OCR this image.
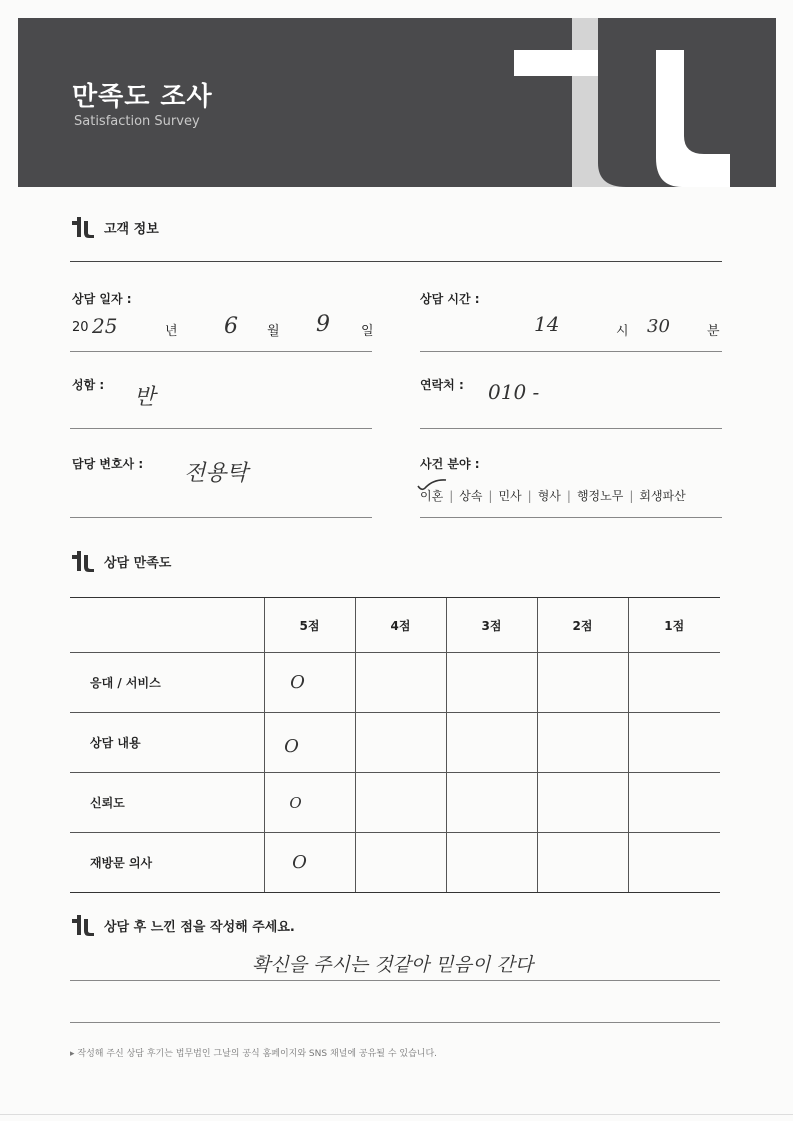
만족도 조사
Satisfaction Survey
고객 정보
상담 일자 :
20 25	년 6 월 9 일
상담 시간 :
14	시 30	분
성함 : 반	연락처 : 010 -
담당 변호사 : 전용탁	사건 분야 :
이혼 | 상속 | 민사 | 형사 | 행정노무 | 회생파산
상담 만족도
	5점	4점	3점	2점	1점
응대 / 서비스	O				
상담 내용	O				
신뢰도	O				
재방문 의사	O				
상담 후 느낀 점을 작성해 주세요.
확신을 주시는 것같아 믿음이 간다
▸ 작성해 주신 상담 후기는 법무법인 그날의 공식 홈페이지와 SNS 채널에 공유될 수 있습니다.
